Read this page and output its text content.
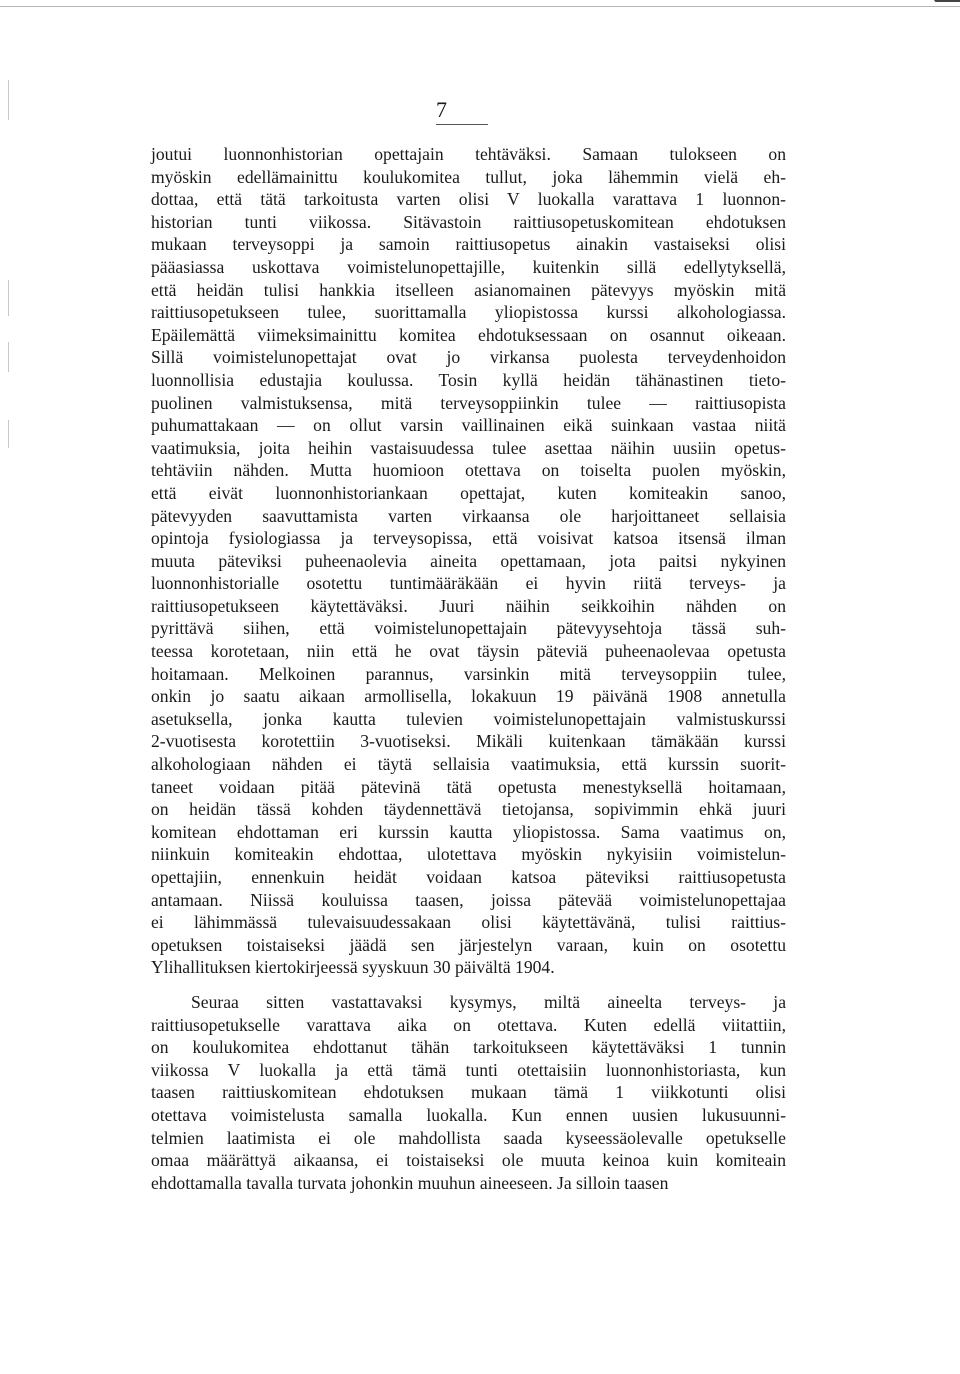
7
joutui luonnonhistorian opettajain tehtäväksi. Samaan tulokseen on
myöskin edellämainittu koulukomitea tullut, joka lähemmin vielä eh-
dottaa, että tätä tarkoitusta varten olisi V luokalla varattava 1 luonnon-
historian tunti viikossa. Sitävastoin raittiusopetuskomitean ehdotuksen
mukaan terveysoppi ja samoin raittiusopetus ainakin vastaiseksi olisi
pääasiassa uskottava voimistelunopettajille, kuitenkin sillä edellytyksellä,
että heidän tulisi hankkia itselleen asianomainen pätevyys myöskin mitä
raittiusopetukseen tulee, suorittamalla yliopistossa kurssi alkohologiassa.
Epäilemättä viimeksimainittu komitea ehdotuksessaan on osannut oikeaan.
Sillä voimistelunopettajat ovat jo virkansa puolesta terveydenhoidon
luonnollisia edustajia koulussa. Tosin kyllä heidän tähänastinen tieto-
puolinen valmistuksensa, mitä terveysoppiinkin tulee — raittiusopista
puhumattakaan — on ollut varsin vaillinainen eikä suinkaan vastaa niitä
vaatimuksia, joita heihin vastaisuudessa tulee asettaa näihin uusiin opetus-
tehtäviin nähden. Mutta huomioon otettava on toiselta puolen myöskin,
että eivät luonnonhistoriankaan opettajat, kuten komiteakin sanoo,
pätevyyden saavuttamista varten virkaansa ole harjoittaneet sellaisia
opintoja fysiologiassa ja terveysopissa, että voisivat katsoa itsensä ilman
muuta päteviksi puheenaolevia aineita opettamaan, jota paitsi nykyinen
luonnonhistorialle osotettu tuntimääräkään ei hyvin riitä terveys- ja
raittiusopetukseen käytettäväksi. Juuri näihin seikkoihin nähden on
pyrittävä siihen, että voimistelunopettajain pätevyysehtoja tässä suh-
teessa korotetaan, niin että he ovat täysin päteviä puheenaolevaa opetusta
hoitamaan. Melkoinen parannus, varsinkin mitä terveysoppiin tulee,
onkin jo saatu aikaan armollisella, lokakuun 19 päivänä 1908 annetulla
asetuksella, jonka kautta tulevien voimistelunopettajain valmistuskurssi
2-vuotisesta korotettiin 3-vuotiseksi. Mikäli kuitenkaan tämäkään kurssi
alkohologiaan nähden ei täytä sellaisia vaatimuksia, että kurssin suorit-
taneet voidaan pitää pätevinä tätä opetusta menestyksellä hoitamaan,
on heidän tässä kohden täydennettävä tietojansa, sopivimmin ehkä juuri
komitean ehdottaman eri kurssin kautta yliopistossa. Sama vaatimus on,
niinkuin komiteakin ehdottaa, ulotettava myöskin nykyisiin voimistelun-
opettajiin, ennenkuin heidät voidaan katsoa päteviksi raittiusopetusta
antamaan. Niissä kouluissa taasen, joissa pätevää voimistelunopettajaa
ei lähimmässä tulevaisuudessakaan olisi käytettävänä, tulisi raittius-
opetuksen toistaiseksi jäädä sen järjestelyn varaan, kuin on osotettu
Ylihallituksen kiertokirjeessä syyskuun 30 päivältä 1904.
Seuraa sitten vastattavaksi kysymys, miltä aineelta terveys- ja
raittiusopetukselle varattava aika on otettava. Kuten edellä viitattiin,
on koulukomitea ehdottanut tähän tarkoitukseen käytettäväksi 1 tunnin
viikossa V luokalla ja että tämä tunti otettaisiin luonnonhistoriasta, kun
taasen raittiuskomitean ehdotuksen mukaan tämä 1 viikkotunti olisi
otettava voimistelusta samalla luokalla. Kun ennen uusien lukusuunni-
telmien laatimista ei ole mahdollista saada kyseessäolevalle opetukselle
omaa määrättyä aikaansa, ei toistaiseksi ole muuta keinoa kuin komiteain
ehdottamalla tavalla turvata johonkin muuhun aineeseen. Ja silloin taasen
